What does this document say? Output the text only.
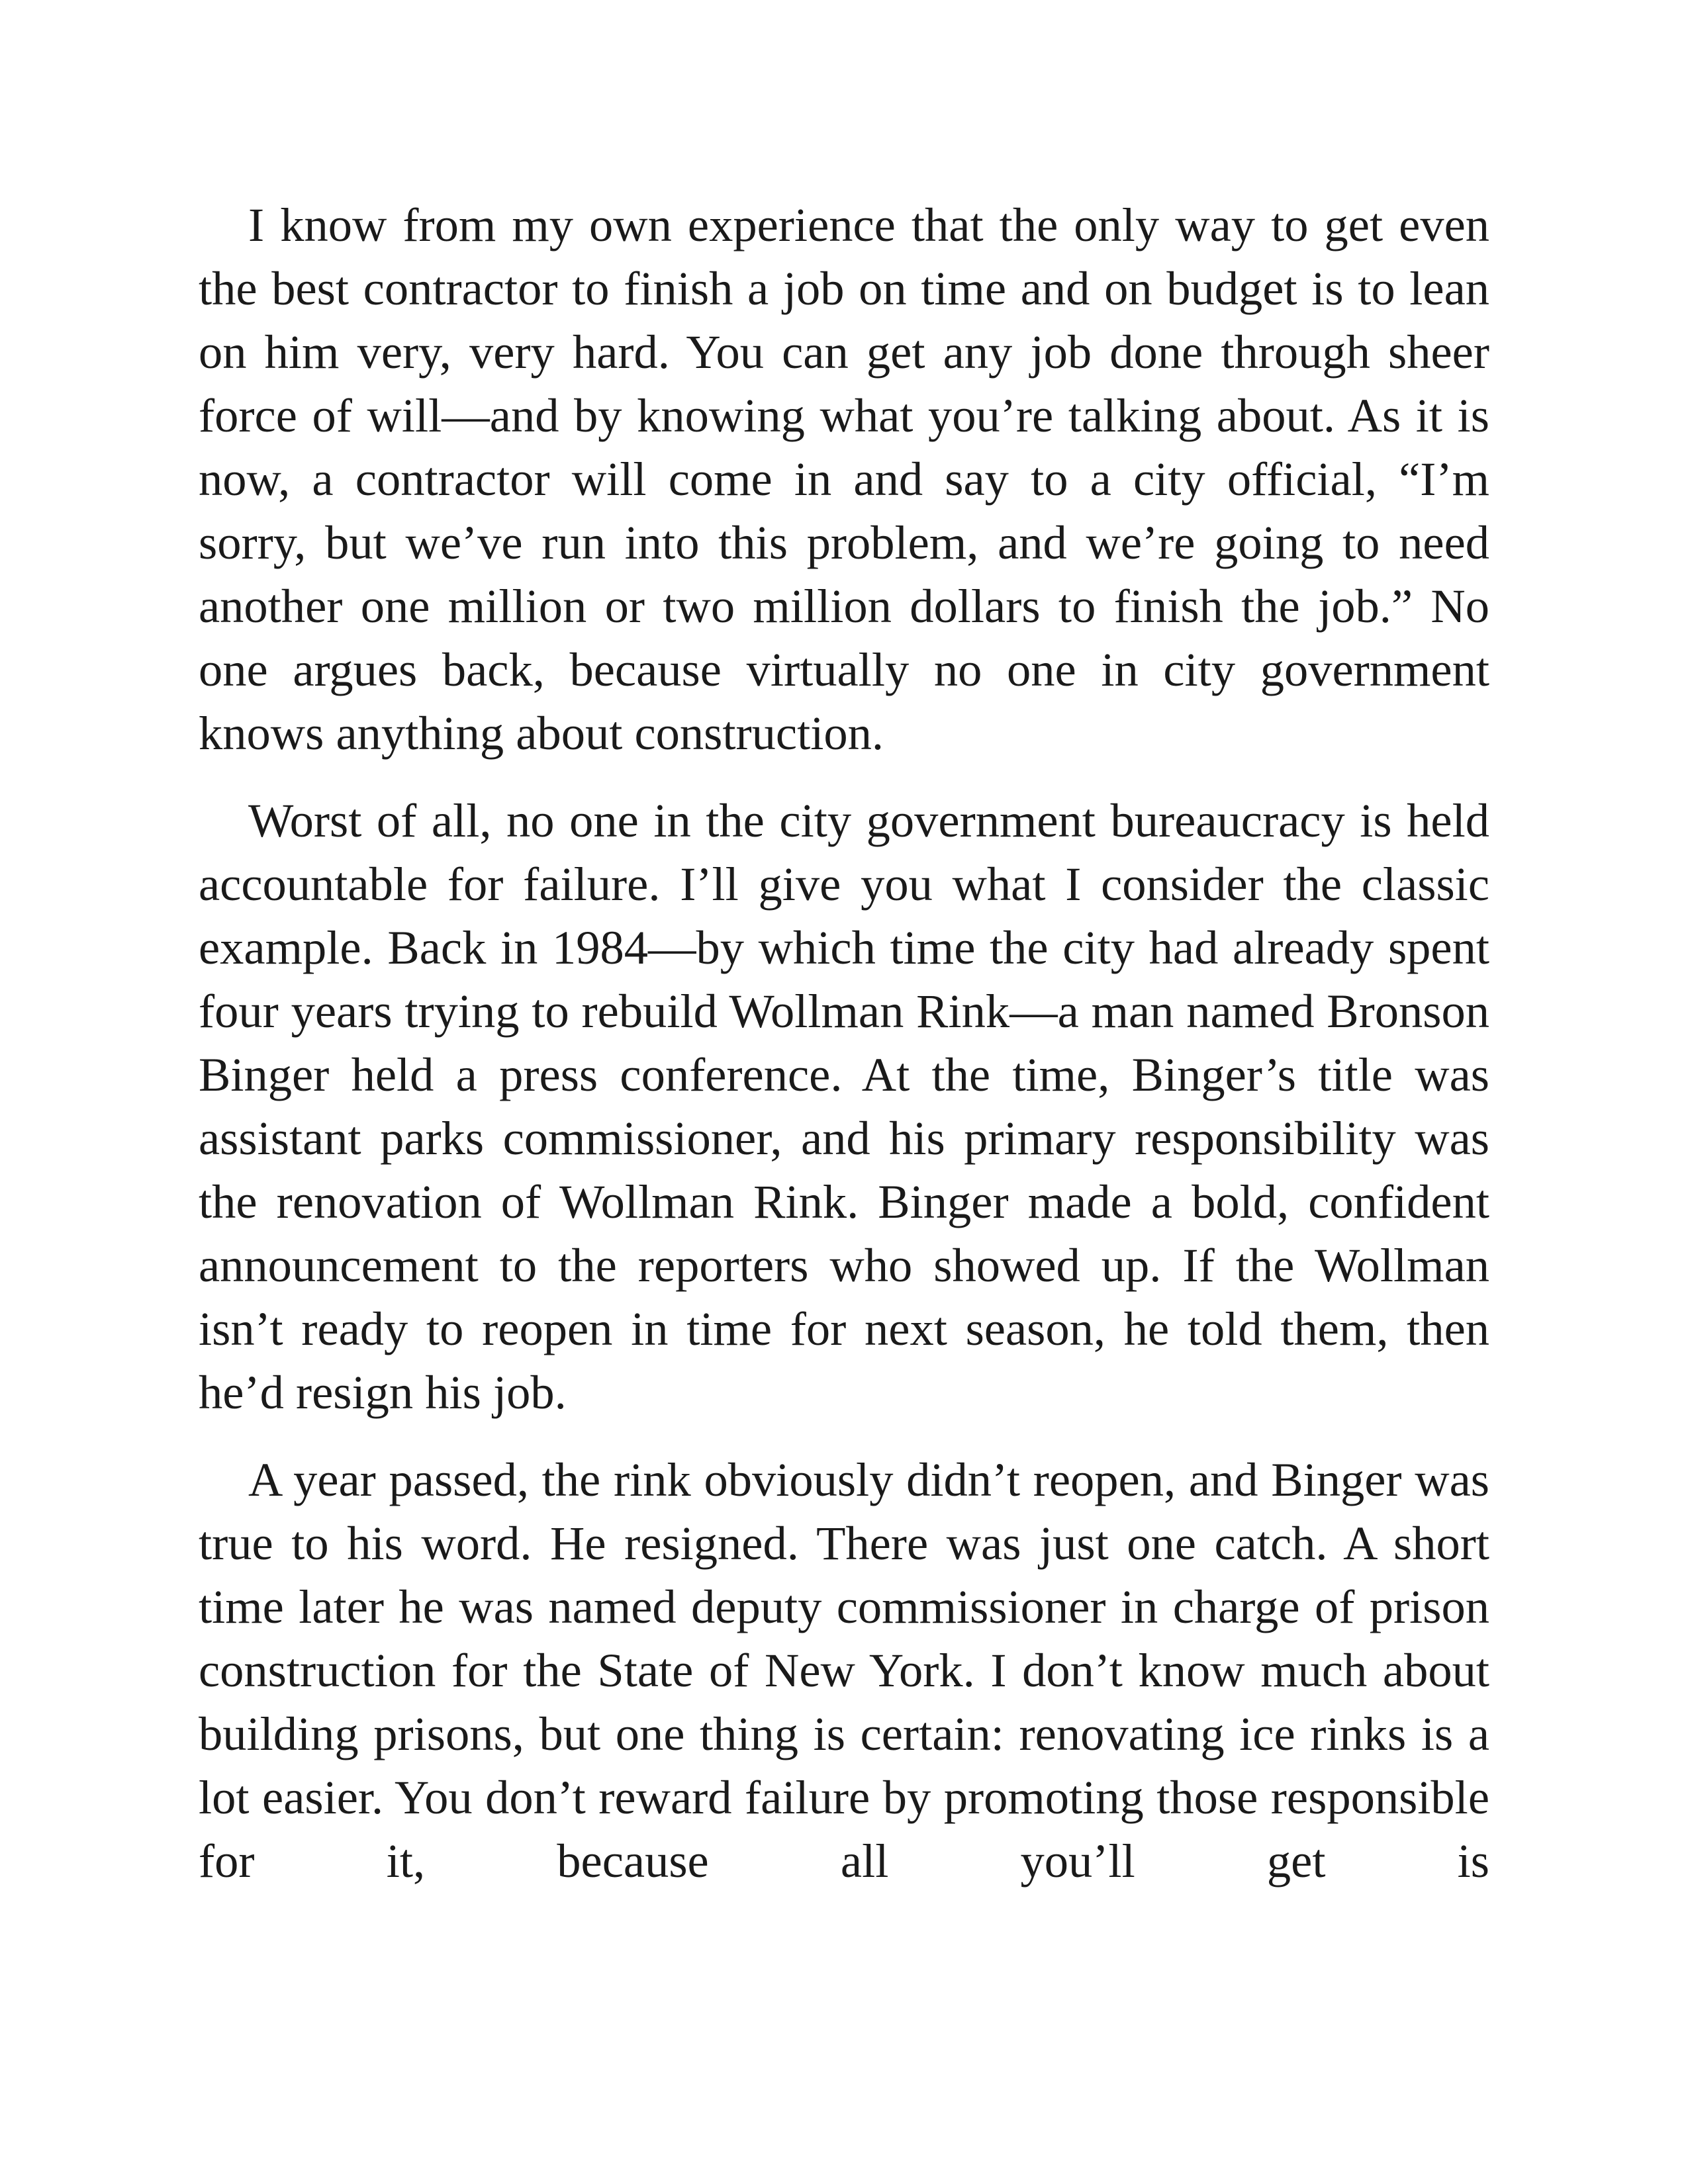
I know from my own experience that the only way to get even the best contractor to finish a job on time and on budget is to lean on him very, very hard. You can get any job done through sheer force of will—and by knowing what you’re talking about. As it is now, a contractor will come in and say to a city official, “I’m sorry, but we’ve run into this problem, and we’re going to need another one million or two million dollars to finish the job.” No one argues back, because virtually no one in city government knows anything about construction.

Worst of all, no one in the city government bureaucracy is held accountable for failure. I’ll give you what I consider the classic example. Back in 1984—by which time the city had already spent four years trying to rebuild Wollman Rink—a man named Bronson Binger held a press conference. At the time, Binger’s title was assistant parks commissioner, and his primary responsibility was the renovation of Wollman Rink. Binger made a bold, confident announcement to the reporters who showed up. If the Wollman isn’t ready to reopen in time for next season, he told them, then he’d resign his job.

A year passed, the rink obviously didn’t reopen, and Binger was true to his word. He resigned. There was just one catch. A short time later he was named deputy commissioner in charge of prison construction for the State of New York. I don’t know much about building prisons, but one thing is certain: renovating ice rinks is a lot easier. You don’t reward failure by promoting those responsible for it, because all you’ll get is
